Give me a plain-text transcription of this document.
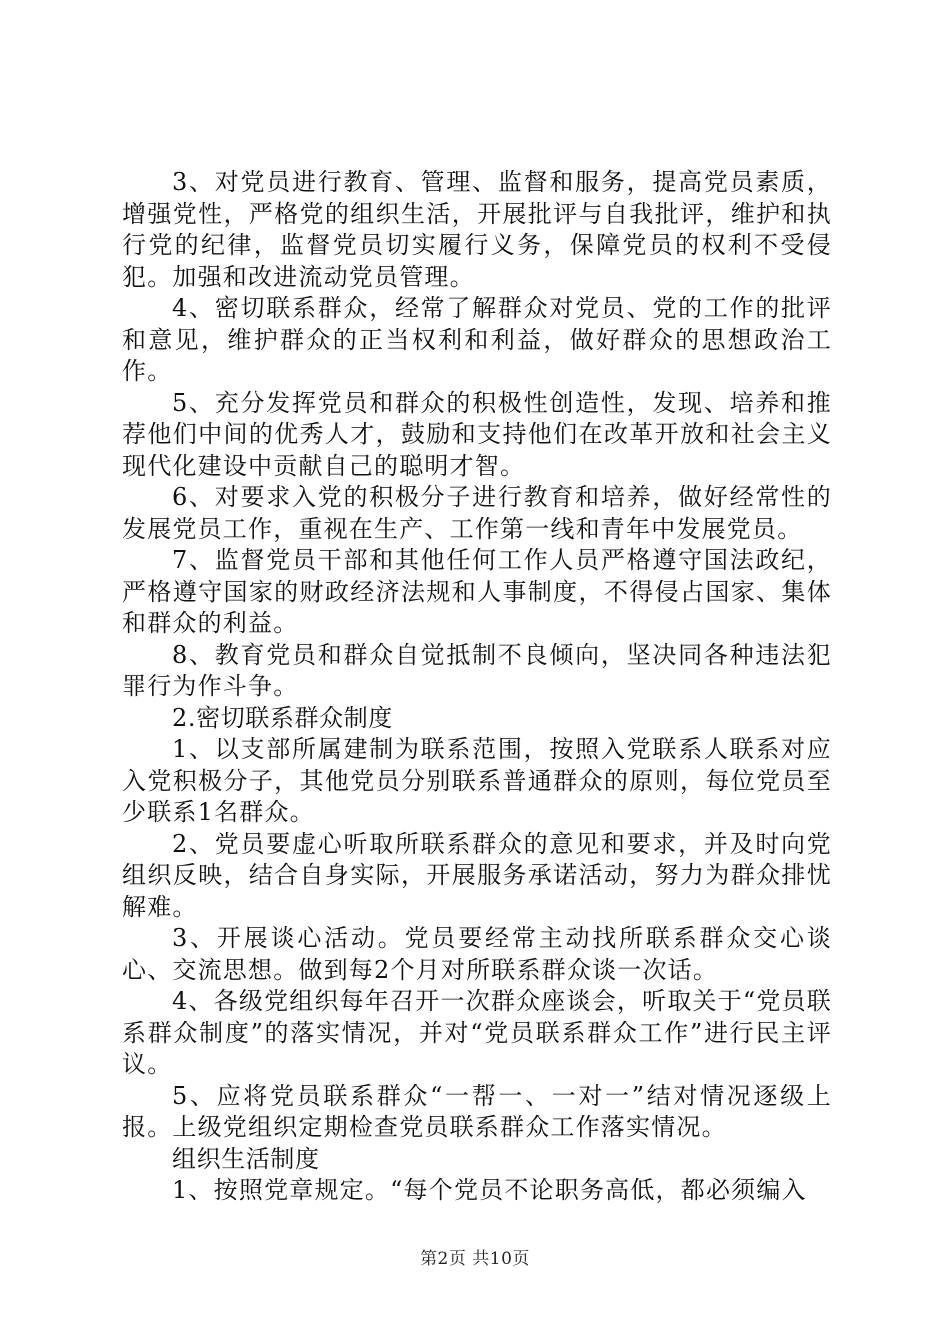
3、对党员进行教育、管理、监督和服务，提高党员素质，增强党性，严格党的组织生活，开展批评与自我批评，维护和执行党的纪律，监督党员切实履行义务，保障党员的权利不受侵犯。加强和改进流动党员管理。

4、密切联系群众，经常了解群众对党员、党的工作的批评和意见，维护群众的正当权利和利益，做好群众的思想政治工作。

5、充分发挥党员和群众的积极性创造性，发现、培养和推荐他们中间的优秀人才，鼓励和支持他们在改革开放和社会主义现代化建设中贡献自己的聪明才智。

6、对要求入党的积极分子进行教育和培养，做好经常性的发展党员工作，重视在生产、工作第一线和青年中发展党员。

7、监督党员干部和其他任何工作人员严格遵守国法政纪，严格遵守国家的财政经济法规和人事制度，不得侵占国家、集体和群众的利益。

8、教育党员和群众自觉抵制不良倾向，坚决同各种违法犯罪行为作斗争。

2.密切联系群众制度

1、以支部所属建制为联系范围，按照入党联系人联系对应入党积极分子，其他党员分别联系普通群众的原则，每位党员至少联系1名群众。

2、党员要虚心听取所联系群众的意见和要求，并及时向党组织反映，结合自身实际，开展服务承诺活动，努力为群众排忧解难。

3、开展谈心活动。党员要经常主动找所联系群众交心谈心、交流思想。做到每2个月对所联系群众谈一次话。

4、各级党组织每年召开一次群众座谈会，听取关于“党员联系群众制度”的落实情况，并对“党员联系群众工作”进行民主评议。

5、应将党员联系群众“一帮一、一对一”结对情况逐级上报。上级党组织定期检查党员联系群众工作落实情况。

组织生活制度

1、按照党章规定。“每个党员不论职务高低，都必须编入

第2页 共10页
